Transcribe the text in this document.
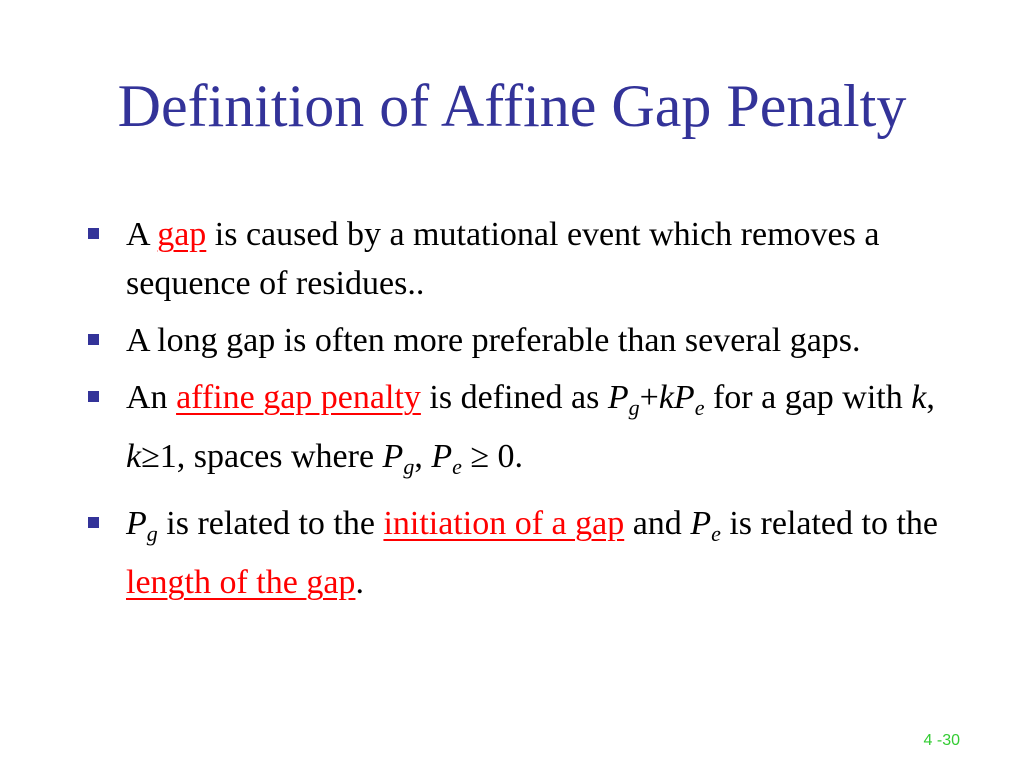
Definition of Affine Gap Penalty
A gap is caused by a mutational event which removes a sequence of residues..
A long gap is often more preferable than several gaps.
An affine gap penalty is defined as $P_g+kP_e$ for a gap with k, k≥1, spaces where $P_g$, $P_e \ge 0$.
$P_g$ is related to the initiation of a gap and $P_e$ is related to the length of the gap.
4 -30
